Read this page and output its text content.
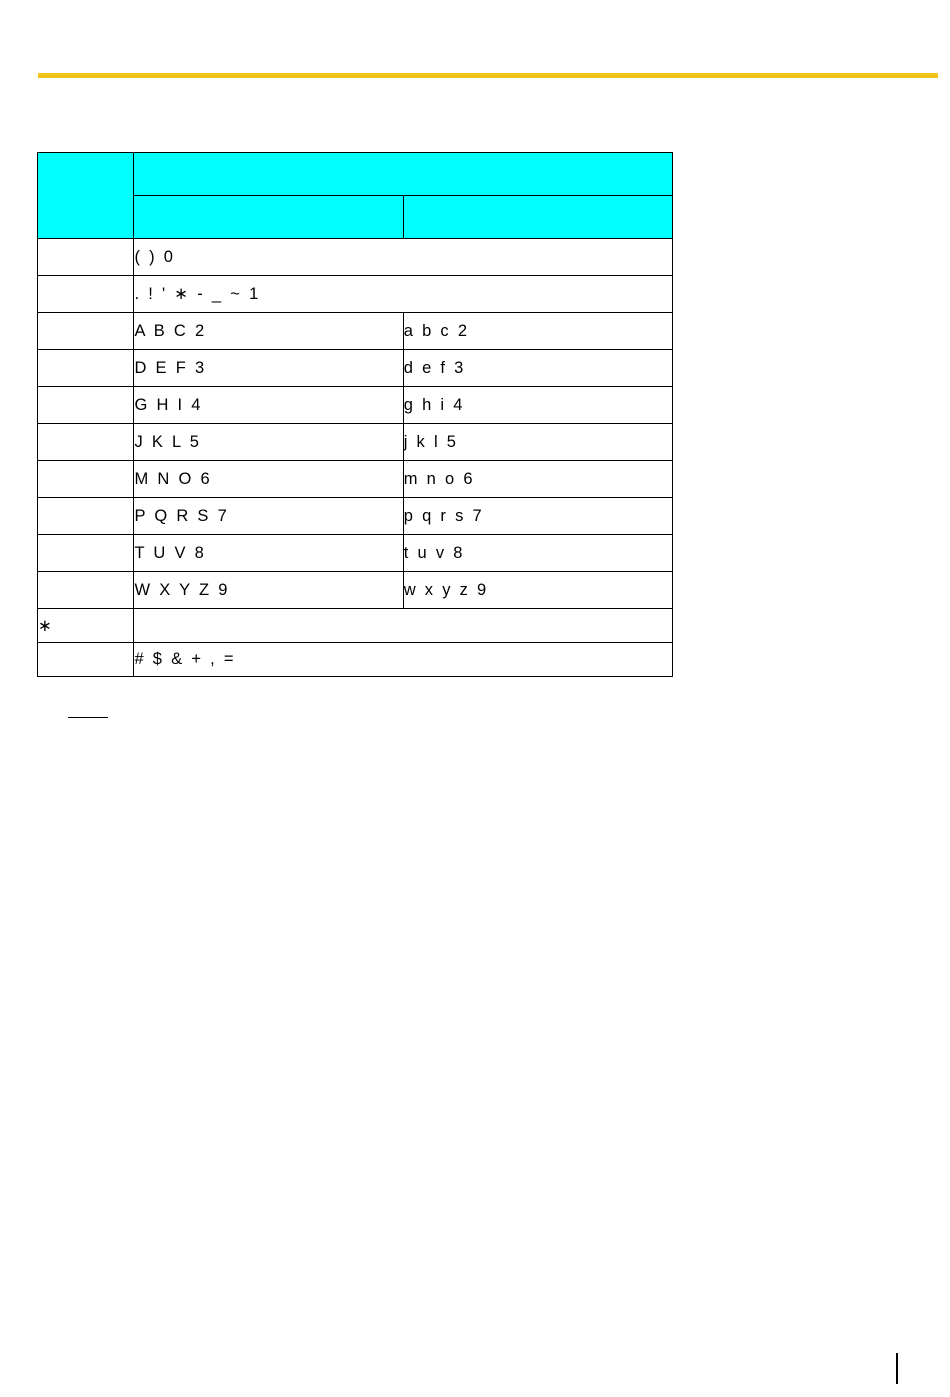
	(  )  0	
	.  !  '  ∗  -  _  ~  1	
	A  B  C  2	a  b  c  2
	D  E  F  3	d  e  f  3
	G  H  I  4	g  h  i  4
	J  K  L  5	j  k  l  5
	M  N  O  6	m  n  o  6
	P  Q  R  S  7	p  q  r  s  7
	T  U  V  8	t  u  v  8
	W  X  Y  Z  9	w  x  y  z  9
∗		
	#  $  &  +  ,  =	
